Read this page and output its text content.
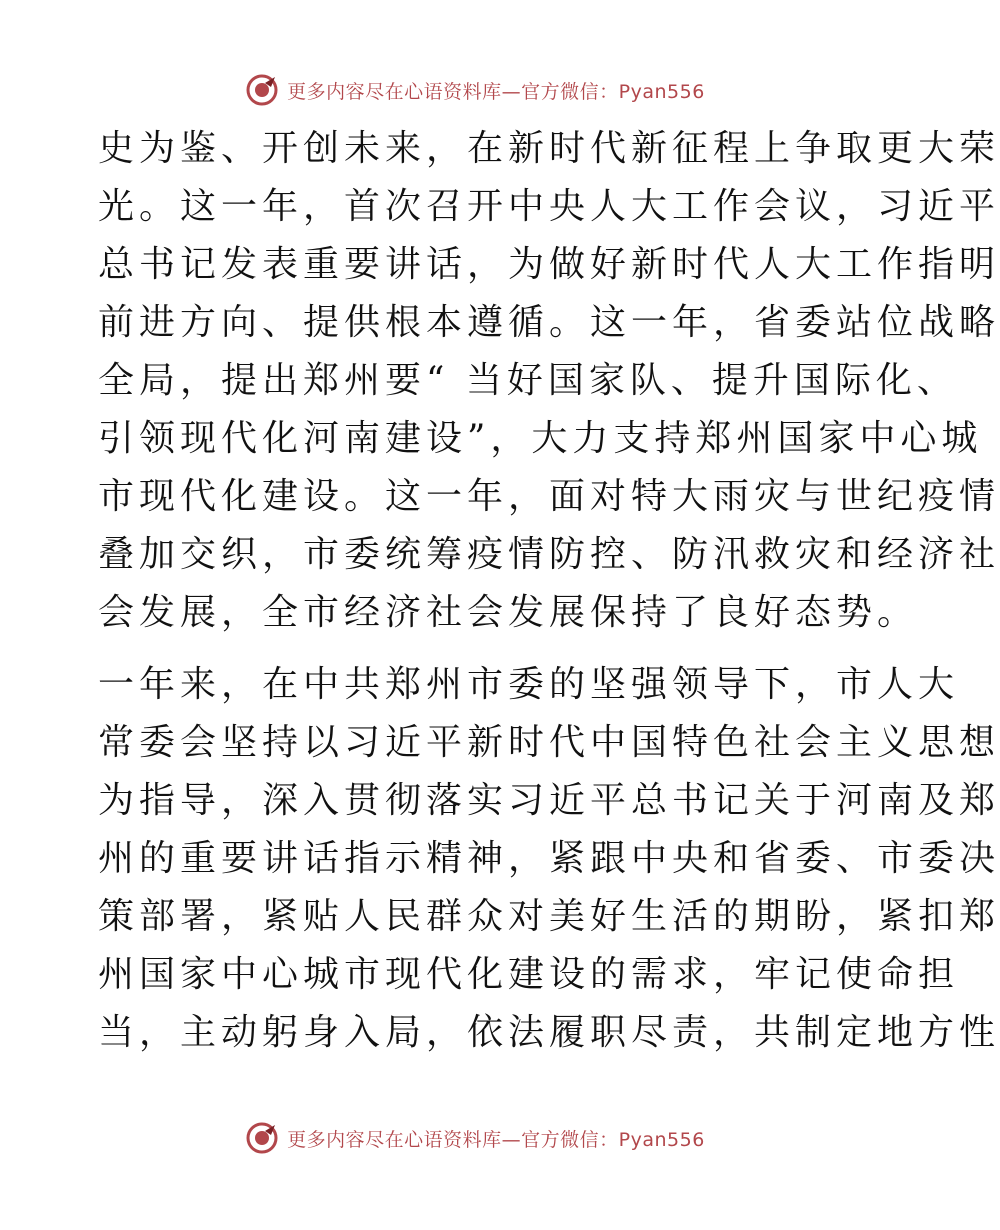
更多内容尽在心语资料库—官方微信：Pyan556
史为鉴、开创未来，在新时代新征程上争取更大荣
光。这一年，首次召开中央人大工作会议，习近平
总书记发表重要讲话，为做好新时代人大工作指明
前进方向、提供根本遵循。这一年，省委站位战略
全局，提出郑州要“ 当好国家队、提升国际化、
引领现代化河南建设”，大力支持郑州国家中心城
市现代化建设。这一年，面对特大雨灾与世纪疫情
叠加交织，市委统筹疫情防控、防汛救灾和经济社
会发展，全市经济社会发展保持了良好态势。
一年来，在中共郑州市委的坚强领导下，市人大
常委会坚持以习近平新时代中国特色社会主义思想
为指导，深入贯彻落实习近平总书记关于河南及郑
州的重要讲话指示精神，紧跟中央和省委、市委决
策部署，紧贴人民群众对美好生活的期盼，紧扣郑
州国家中心城市现代化建设的需求，牢记使命担
当，主动躬身入局，依法履职尽责，共制定地方性
更多内容尽在心语资料库—官方微信：Pyan556
